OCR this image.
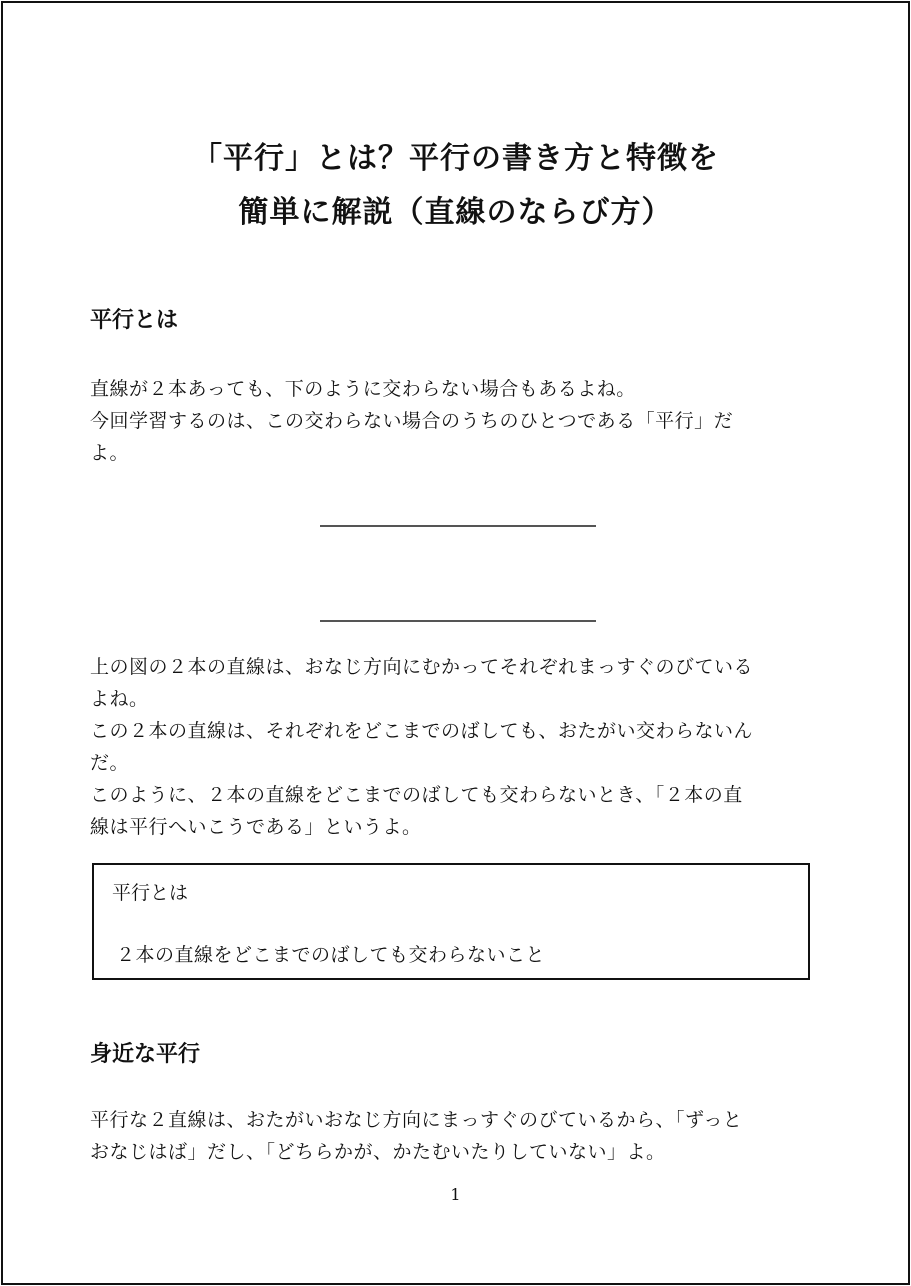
「平行」とは？平行の書き方と特徴を
簡単に解説（直線のならび方）
平行とは

直線が２本あっても、下のように交わらない場合もあるよね。
今回学習するのは、この交わらない場合のうちのひとつである「平行」だ
よ。

上の図の２本の直線は、おなじ方向にむかってそれぞれまっすぐのびている
よね。
この２本の直線は、それぞれをどこまでのばしても、おたがい交わらないん
だ。
このように、２本の直線をどこまでのばしても交わらないとき、「２本の直
線は平行へいこうである」というよ。

平行とは
２本の直線をどこまでのばしても交わらないこと
身近な平行

平行な２直線は、おたがいおなじ方向にまっすぐのびているから、「ずっと
おなじはば」だし、「どちらかが、かたむいたりしていない」よ。

1
